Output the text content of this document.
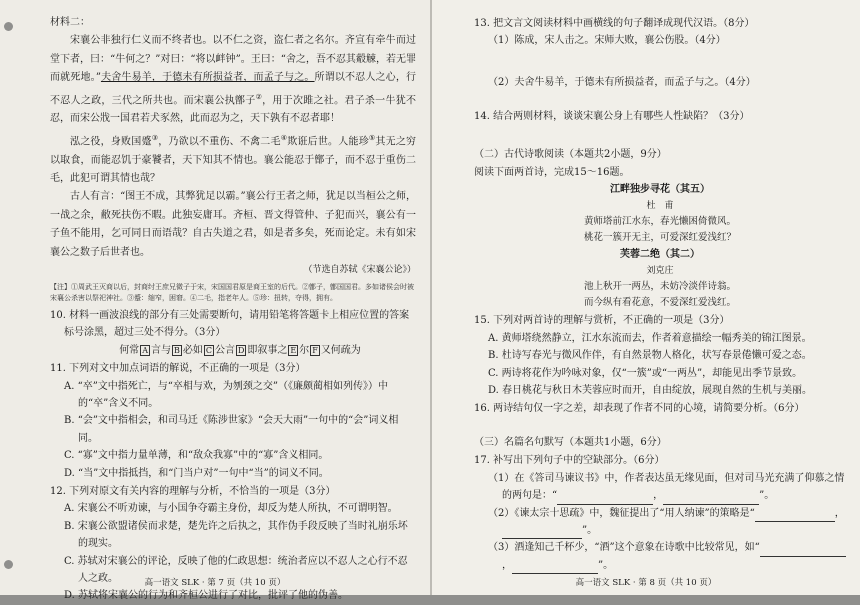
材料二：

宋襄公非独行仁义而不终者也。以不仁之资，盗仁者之名尔。齐宣有牵牛而过堂下者，曰：“牛何之？”对曰：“将以衅钟”。王曰：“舍之，吾不忍其觳觫，若无罪而就死地。”夫舍牛易羊，于德未有所损益者，而孟子与之。所谓以不忍人之心，行不忍人之政，三代之所共也。而宋襄公执鄫子②，用于次雎之社。君子杀一牛犹不忍，而宋公戕一国君若犬豕然，此而忍为之，天下孰有不忍者耶！

泓之役，身败国蹙③，乃欲以不重伤、不禽二毛④欺诳后世。人能珍⑤其无之穷以取食，而能忍饥于豪饕者，天下知其不情也。襄公能忍于鄫子，而不忍于重伤二毛，此犯可谓其情也哉？

古人有言：“图王不成，其弊犹足以霸。”襄公行王者之师，犹足以当桓公之师，一战之余，敝死扶伤不暇。此独妄庸耳。齐桓、晋文得管仲、子犯而兴，襄公有一子鱼不能用，乞可同日而语哉？自古失道之君，如是者多矣，死而论定。未有如宋襄公之数子后世者也。

（节选自苏轼《宋襄公论》）

【注】①周武王灭商以后，封商纣王庶兄微子于宋，宋国国君原是商王室的后代。②鄫子，鄫国国君。多如诸侯会时被宋襄公杀害以祭祀神社。③蹙：缩窄，困窘。④二毛，指老年人。⑤珍：扭转，夺得，拥有。

10. 材料一画波浪线的部分有三处需要断句，请用铅笔将答题卡上相应位置的答案标号涂黑，超过三处不得分。（3分）

何常 A 言与 B 必如 C 公言 D 即叙事之 E 尔 F 又何疏为

11. 下列对文中加点词语的解说，不正确的一项是（3分）

A. “卒”文中指死亡，与“卒相与欢，为刎颈之交”（《廉颇蔺相如列传》）中的“卒”含义不同。

B. “会”文中指相会，和司马迁《陈涉世家》“会天大雨”一句中的“会”词义相同。

C. “寡”文中指力量单薄，和“敌众我寡”中的“寡”含义相同。

D. “当”文中指抵挡，和“门当户对”一句中“当”的词义不同。

12. 下列对原文有关内容的理解与分析，不恰当的一项是（3分）

A. 宋襄公不听劝谏，与小国争夺霸主身份，却反为楚人所执，不可谓明智。

B. 宋襄公欲盟诸侯而求楚，楚先许之后执之，其作伪手段反映了当时礼崩乐坏的现实。

C. 苏轼对宋襄公的评论，反映了他的仁政思想：统治者应以不忍人之心行不忍人之政。

D. 苏轼将宋襄公的行为和齐桓公进行了对比，批评了他的伪善。

高一语文 SLK · 第 7 页（共 10 页）

13. 把文言文阅读材料中画横线的句子翻译成现代汉语。（8分）

（1）陈成，宋人击之。宋师大败，襄公伤股。（4分）

（2）夫舍牛易羊，于德未有所损益者，而孟子与之。（4分）

14. 结合两则材料，谈谈宋襄公身上有哪些人性缺陷？（3分）

（二）古代诗歌阅读（本题共2小题，9分）

阅读下面两首诗，完成15～16题。

江畔独步寻花（其五）

杜　甫

黄师塔前江水东，春光懒困倚微风。

桃花一簇开无主，可爱深红爱浅红？

芙蓉二绝（其二）

刘克庄

池上秋开一两丛，未妨冷淡伴诗翁。

而今纵有看花意，不爱深红爱浅红。

15. 下列对两首诗的理解与赏析，不正确的一项是（3分）

A. 黄师塔绕然静立，江水东流而去，作者着意描绘一幅秀美的锦江图景。

B. 杜诗写春光与微风作伴，有自然景物人格化，状写春景倦懒可爱之态。

C. 两诗将花作为吟咏对象，仅“一簇”或“一两丛”，却能见出季节景致。

D. 春日桃花与秋日木芙蓉应时而开，自由绽放，展现自然的生机与美丽。

16. 两诗结句仅一字之差，却表现了作者不同的心境，请简要分析。（6分）

（三）名篇名句默写（本题共1小题，6分）

17. 补写出下列句子中的空缺部分。（6分）

（1）在《答司马谏议书》中，作者表达虽无缘见面，但对司马光充满了仰慕之情的两句是：“	，	”。

（2）《谏太宗十思疏》中，魏征提出了“用人纳谏”的策略是“	，”。

（3）酒逢知己千杯少，“酒”这个意象在诗歌中比较常见，如“，	”。

高一语文 SLK · 第 8 页（共 10 页）
